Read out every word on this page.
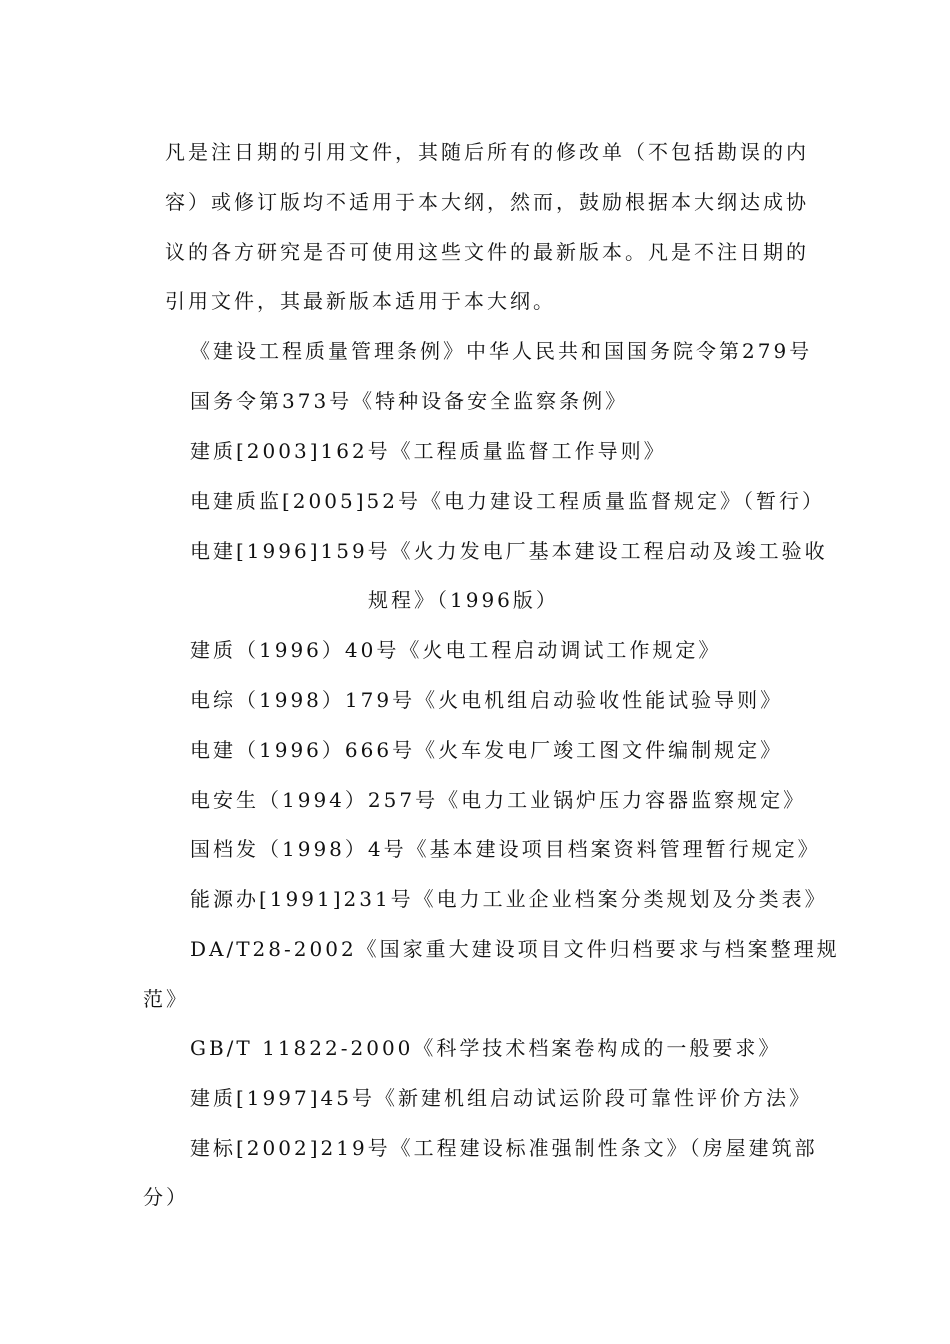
凡是注日期的引用文件，其随后所有的修改单（不包括勘误的内
容）或修订版均不适用于本大纲，然而，鼓励根据本大纲达成协
议的各方研究是否可使用这些文件的最新版本。凡是不注日期的
引用文件，其最新版本适用于本大纲。
《建设工程质量管理条例》中华人民共和国国务院令第279号
国务令第373号《特种设备安全监察条例》
建质[2003]162号《工程质量监督工作导则》
电建质监[2005]52号《电力建设工程质量监督规定》（暂行）
电建[1996]159号《火力发电厂基本建设工程启动及竣工验收
规程》（1996版）
建质（1996）40号《火电工程启动调试工作规定》
电综（1998）179号《火电机组启动验收性能试验导则》
电建（1996）666号《火车发电厂竣工图文件编制规定》
电安生（1994）257号《电力工业锅炉压力容器监察规定》
国档发（1998）4号《基本建设项目档案资料管理暂行规定》
能源办[1991]231号《电力工业企业档案分类规划及分类表》
DA/T28-2002《国家重大建设项目文件归档要求与档案整理规
范》
GB/T 11822-2000《科学技术档案卷构成的一般要求》
建质[1997]45号《新建机组启动试运阶段可靠性评价方法》
建标[2002]219号《工程建设标准强制性条文》（房屋建筑部
分）
